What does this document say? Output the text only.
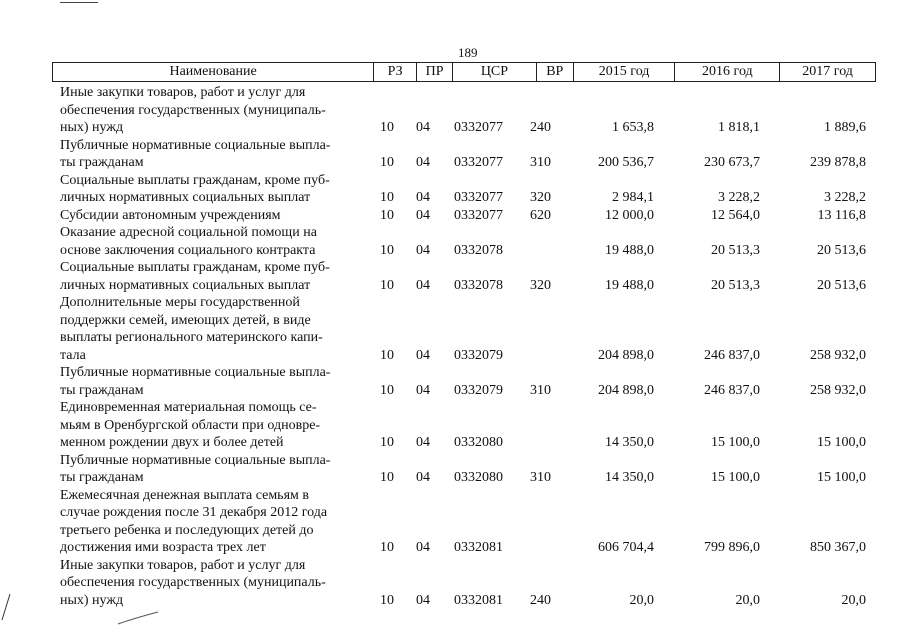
189
Наименование	РЗ	ПР	ЦСР	ВР	2015 год	2016 год	2017 год
Иные закупки товаров, работ и услуг для
обеспечения государственных (муниципаль-
ных) нужд	10 04 0332077 240	1 653,8	1 818,1	1 889,6
Публичные нормативные социальные выпла-
ты гражданам	10 04 0332077 310	200 536,7	230 673,7	239 878,8
Социальные выплаты гражданам, кроме пуб-
личных нормативных социальных выплат	10 04 0332077 320	2 984,1	3 228,2	3 228,2
Субсидии автономным учреждениям	10 04 0332077 620	12 000,0	12 564,0	13 116,8
Оказание адресной социальной помощи на
основе заключения социального контракта	10 04 0332078	19 488,0	20 513,3	20 513,6
Социальные выплаты гражданам, кроме пуб-
личных нормативных социальных выплат	10 04 0332078 320	19 488,0	20 513,3	20 513,6
Дополнительные меры государственной
поддержки семей, имеющих детей, в виде
выплаты регионального материнского капи-
тала	10 04 0332079	204 898,0	246 837,0	258 932,0
Публичные нормативные социальные выпла-
ты гражданам	10 04 0332079 310	204 898,0	246 837,0	258 932,0
Единовременная материальная помощь се-
мьям в Оренбургской области при одновре-
менном рождении двух и более детей	10 04 0332080	14 350,0	15 100,0	15 100,0
Публичные нормативные социальные выпла-
ты гражданам	10 04 0332080 310	14 350,0	15 100,0	15 100,0
Ежемесячная денежная выплата семьям в
случае рождения после 31 декабря 2012 года
третьего ребенка и последующих детей до
достижения ими возраста трех лет	10 04 0332081	606 704,4	799 896,0	850 367,0
Иные закупки товаров, работ и услуг для
обеспечения государственных (муниципаль-
ных) нужд	10 04 0332081 240	20,0	20,0	20,0
